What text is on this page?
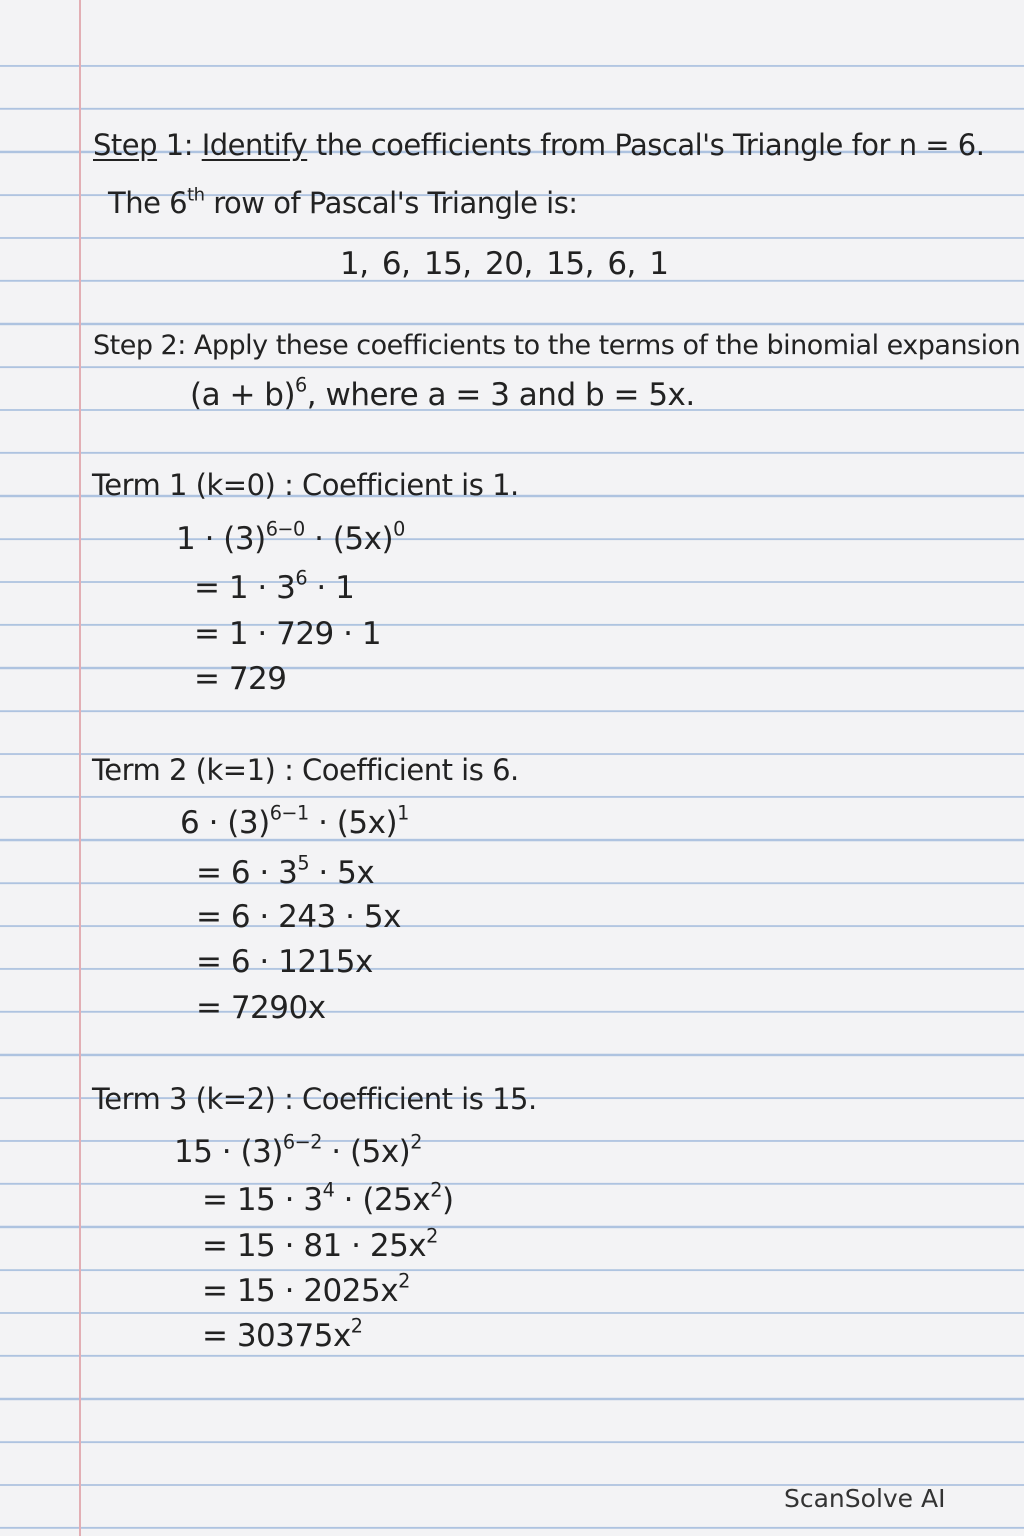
Step 1: Identify the coefficients from Pascal's Triangle for n = 6.
The 6th row of Pascal's Triangle is:
1, 6, 15, 20, 15, 6, 1
Step 2: Apply these coefficients to the terms of the binomial expansion
$(a + b)^6$, where a = 3 and b = 5x.
Term 1 (k=0) : Coefficient is 1.
$1 \cdot (3)^{6-0} \cdot (5x)^0$
= $1 \cdot 3^6 \cdot 1$
= 1 · 729 · 1
= 729
Term 2 (k=1) : Coefficient is 6.
$6 \cdot (3)^{6-1} \cdot (5x)^1$
= $6 \cdot 3^5 \cdot 5x$
= 6 · 243 · 5x
= 6 · 1215x
= 7290x
Term 3 (k=2) : Coefficient is 15.
$15 \cdot (3)^{6-2} \cdot (5x)^2$
= $15 \cdot 3^4 \cdot (25x^2)$
= $15 \cdot 81 \cdot 25x^2$
= $15 \cdot 2025x^2$
= $30375x^2$
ScanSolve AI
